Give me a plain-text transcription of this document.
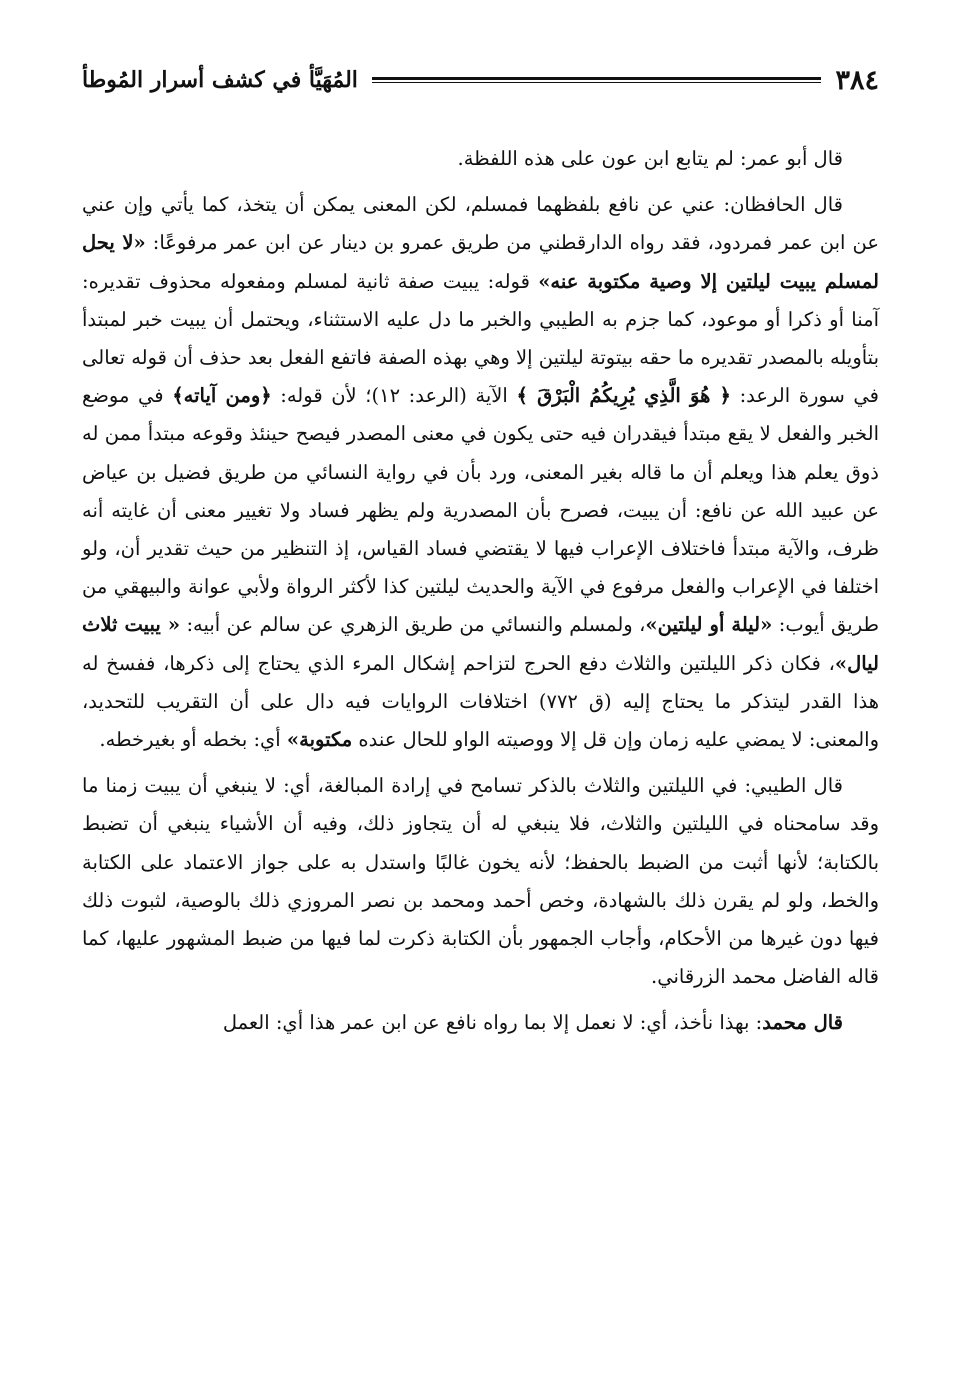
٣٨٤
المُهَيَّأ في كشف أسرار المُوطأ

قال أبو عمر: لم يتابع ابن عون على هذه اللفظة.

قال الحافظان: عني عن نافع بلفظهما فمسلم، لكن المعنى يمكن أن يتخذ، كما يأتي وإن عني عن ابن عمر فمردود، فقد رواه الدارقطني من طريق عمرو بن دينار عن ابن عمر مرفوعًا: «لا يحل لمسلم يبيت ليلتين إلا وصية مكتوبة عنه» قوله: يبيت صفة ثانية لمسلم ومفعوله محذوف تقديره: آمنا أو ذكرا أو موعود، كما جزم به الطيبي والخبر ما دل عليه الاستثناء، ويحتمل أن يبيت خبر لمبتدأ بتأويله بالمصدر تقديره ما حقه بيتوتة ليلتين إلا وهي بهذه الصفة فاتفع الفعل بعد حذف أن قوله تعالى في سورة الرعد: ﴿ هُوَ الَّذِي يُرِيكُمُ الْبَرْقَ ﴾ الآية (الرعد: ١٢)؛ لأن قوله: ﴿ومن آياته﴾ في موضع الخبر والفعل لا يقع مبتدأ فيقدران فيه حتى يكون في معنى المصدر فيصح حينئذ وقوعه مبتدأ ممن له ذوق يعلم هذا ويعلم أن ما قاله بغير المعنى، ورد بأن في رواية النسائي من طريق فضيل بن عياض عن عبيد الله عن نافع: أن يبيت، فصرح بأن المصدرية ولم يظهر فساد ولا تغيير معنى أن غايته أنه ظرف، والآية مبتدأ فاختلاف الإعراب فيها لا يقتضي فساد القياس، إذ التنظير من حيث تقدير أن، ولو اختلفا في الإعراب والفعل مرفوع في الآية والحديث ليلتين كذا لأكثر الرواة ولأبي عوانة والبيهقي من طريق أيوب: «ليلة أو ليلتين»، ولمسلم والنسائي من طريق الزهري عن سالم عن أبيه: « يبيت ثلاث ليال»، فكان ذكر الليلتين والثلاث دفع الحرج لتزاحم إشكال المرء الذي يحتاج إلى ذكرها، ففسخ له هذا القدر ليتذكر ما يحتاج إليه (ق ٧٧٢) اختلافات الروايات فيه دال على أن التقريب للتحديد، والمعنى: لا يمضي عليه زمان وإن قل إلا ووصيته الواو للحال عنده مكتوبة» أي: بخطه أو بغيرخطه.

قال الطيبي: في الليلتين والثلاث بالذكر تسامح في إرادة المبالغة، أي: لا ينبغي أن يبيت زمنا ما وقد سامحناه في الليلتين والثلاث، فلا ينبغي له أن يتجاوز ذلك، وفيه أن الأشياء ينبغي أن تضبط بالكتابة؛ لأنها أثبت من الضبط بالحفظ؛ لأنه يخون غالبًا واستدل به على جواز الاعتماد على الكتابة والخط، ولو لم يقرن ذلك بالشهادة، وخص أحمد ومحمد بن نصر المروزي ذلك بالوصية، لثبوت ذلك فيها دون غيرها من الأحكام، وأجاب الجمهور بأن الكتابة ذكرت لما فيها من ضبط المشهور عليها، كما قاله الفاضل محمد الزرقاني.

قال محمد: بهذا نأخذ، أي: لا نعمل إلا بما رواه نافع عن ابن عمر هذا أي: العمل
